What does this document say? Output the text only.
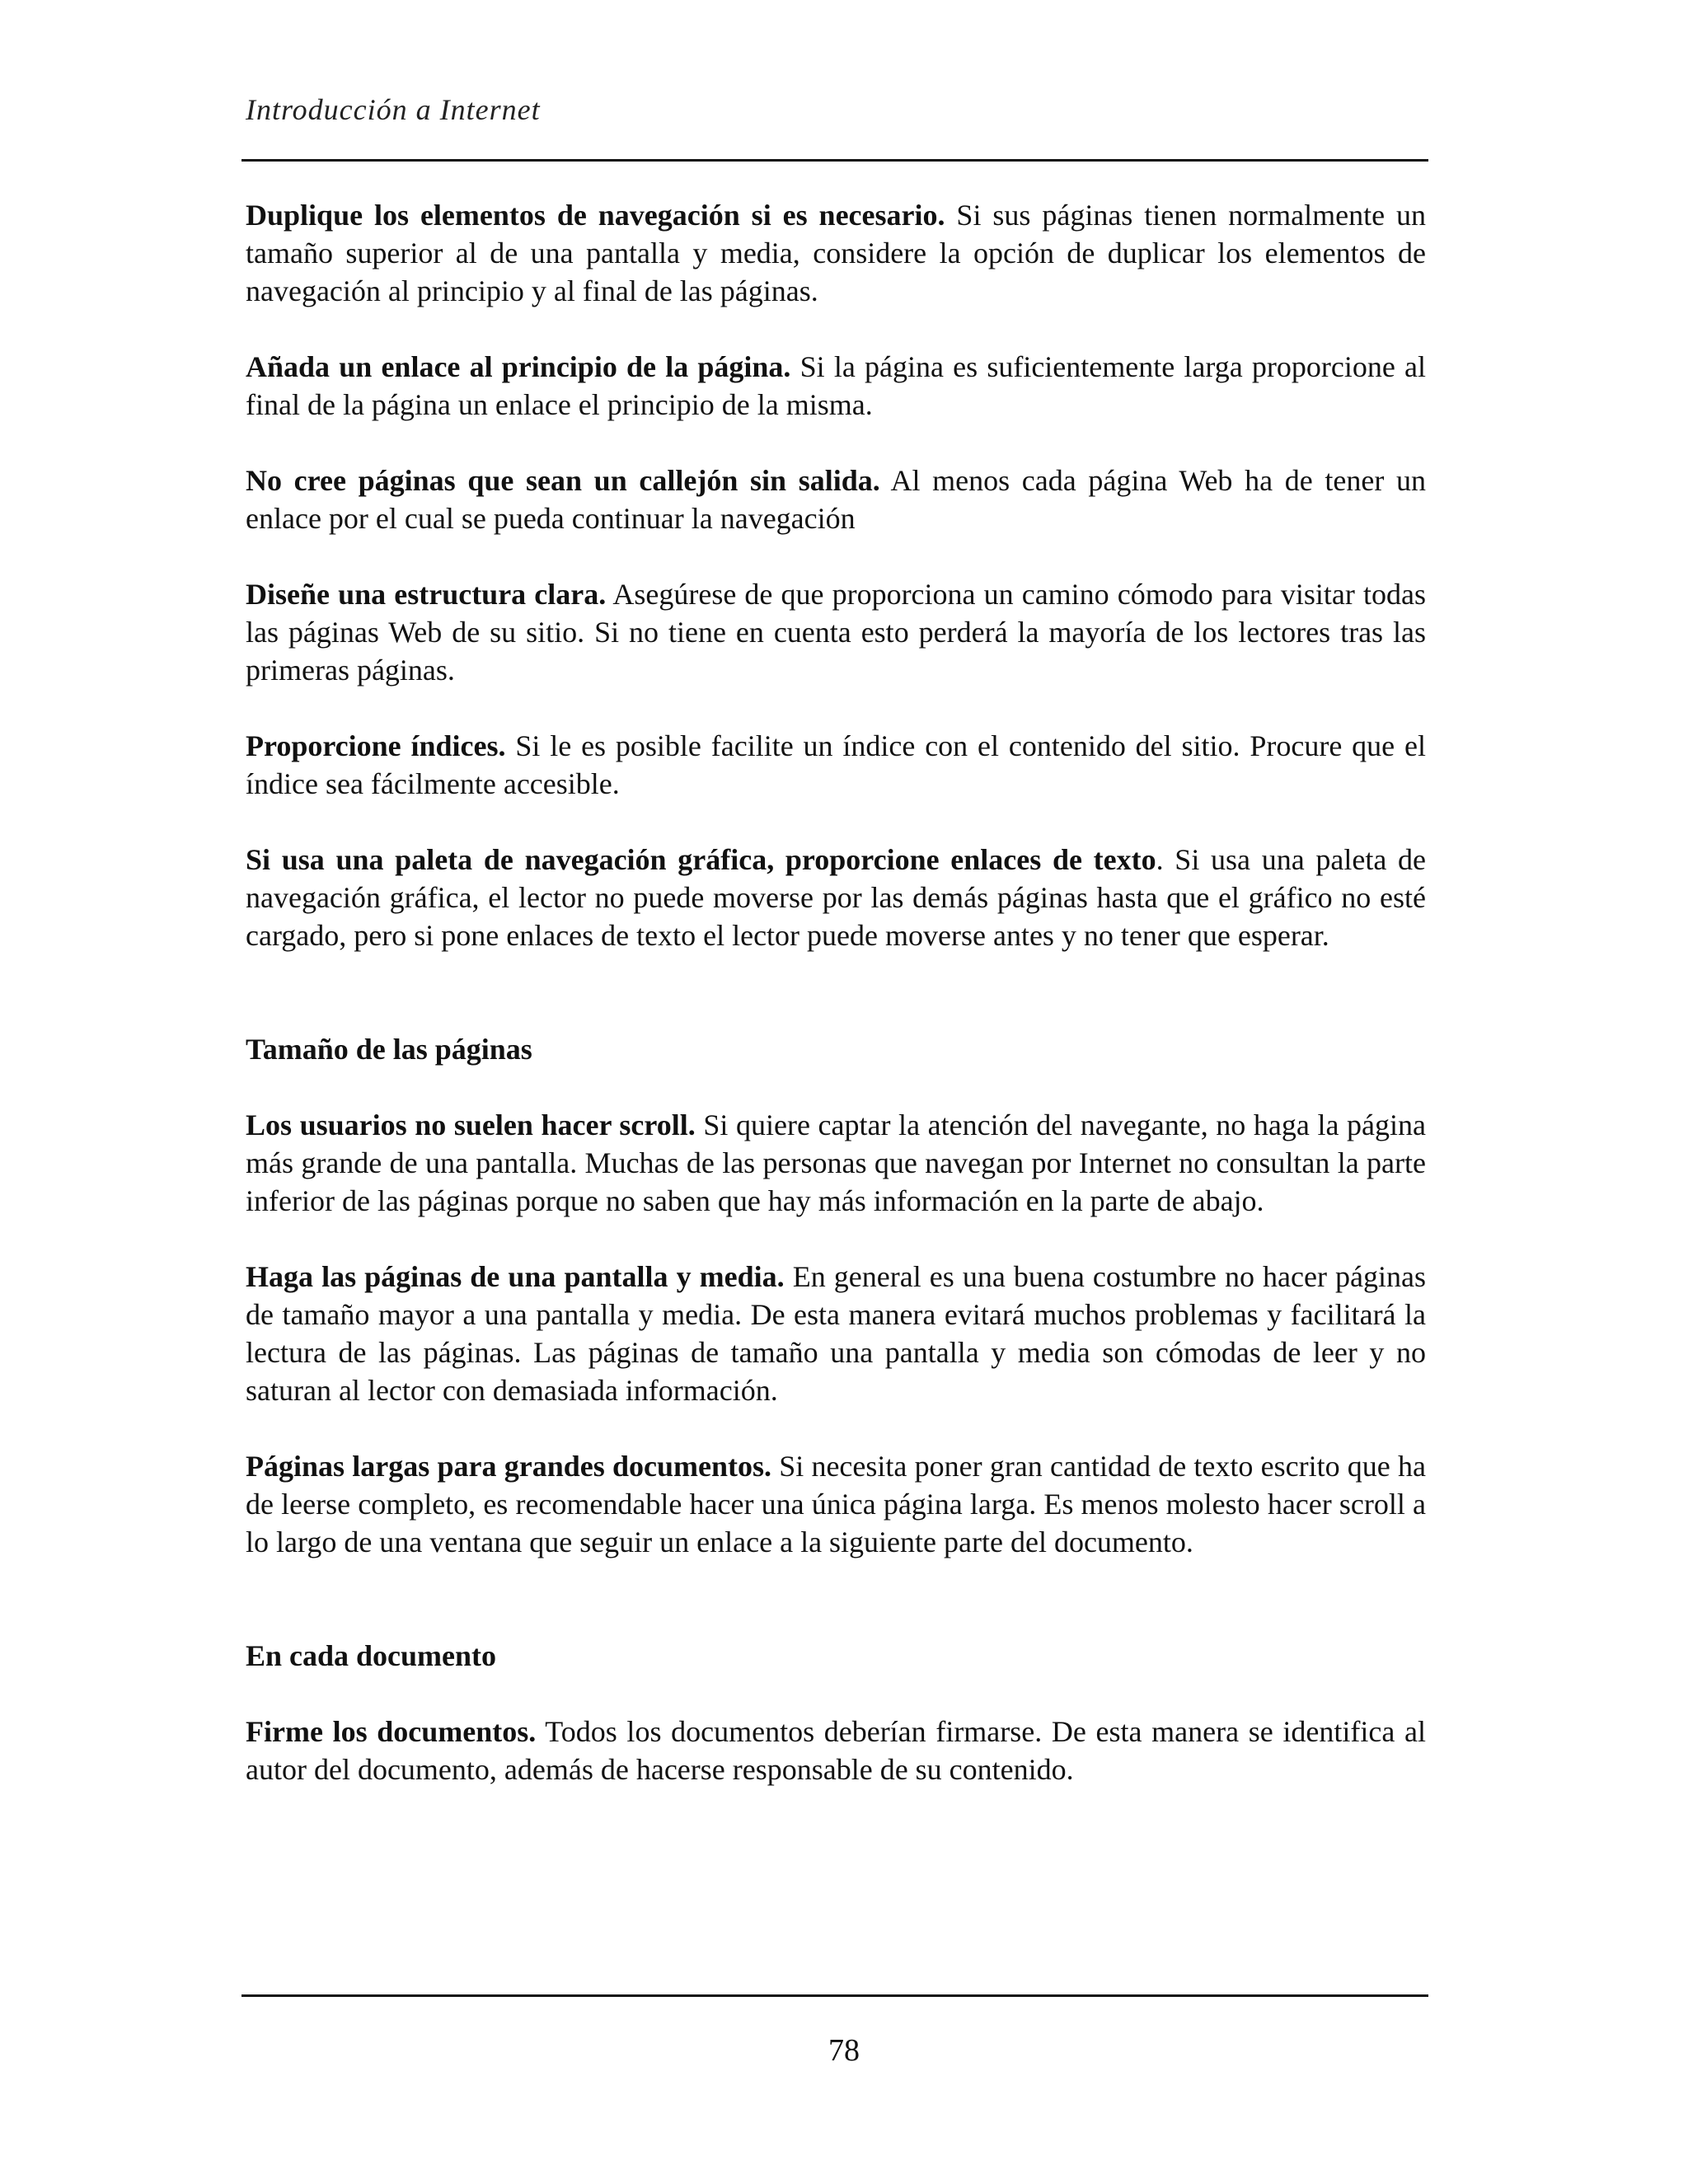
Introducción a Internet

Duplique los elementos de navegación si es necesario. Si sus páginas tienen normalmente un tamaño superior al de una pantalla y media, considere la opción de duplicar los elementos de navegación al principio y al final de las páginas.

Añada un enlace al principio de la página. Si la página es suficientemente larga proporcione al final de la página un enlace el principio de la misma.

No cree páginas que sean un callejón sin salida. Al menos cada página Web ha de tener un enlace por el cual se pueda continuar la navegación

Diseñe una estructura clara. Asegúrese de que proporciona un camino cómodo para visitar todas las páginas Web de su sitio. Si no tiene en cuenta esto perderá la mayoría de los lectores tras las primeras páginas.

Proporcione índices. Si le es posible facilite un índice con el contenido del sitio. Procure que el índice sea fácilmente accesible.

Si usa una paleta de navegación gráfica, proporcione enlaces de texto. Si usa una paleta de navegación gráfica, el lector no puede moverse por las demás páginas hasta que el gráfico no esté cargado, pero si pone enlaces de texto el lector puede moverse antes y no tener que esperar.

Tamaño de las páginas

Los usuarios no suelen hacer scroll. Si quiere captar la atención del navegante, no haga la página más grande de una pantalla. Muchas de las personas que navegan por Internet no consultan la parte inferior de las páginas porque no saben que hay más información en la parte de abajo.

Haga las páginas de una pantalla y media. En general es una buena costumbre no hacer páginas de tamaño mayor a una pantalla y media. De esta manera evitará muchos problemas y facilitará la lectura de las páginas. Las páginas de tamaño una pantalla y media son cómodas de leer y no saturan al lector con demasiada información.

Páginas largas para grandes documentos. Si necesita poner gran cantidad de texto escrito que ha de leerse completo, es recomendable hacer una única página larga. Es menos molesto hacer scroll a lo largo de una ventana que seguir un enlace a la siguiente parte del documento.

En cada documento

Firme los documentos. Todos los documentos deberían firmarse. De esta manera se identifica al autor del documento, además de hacerse responsable de su contenido.

78
